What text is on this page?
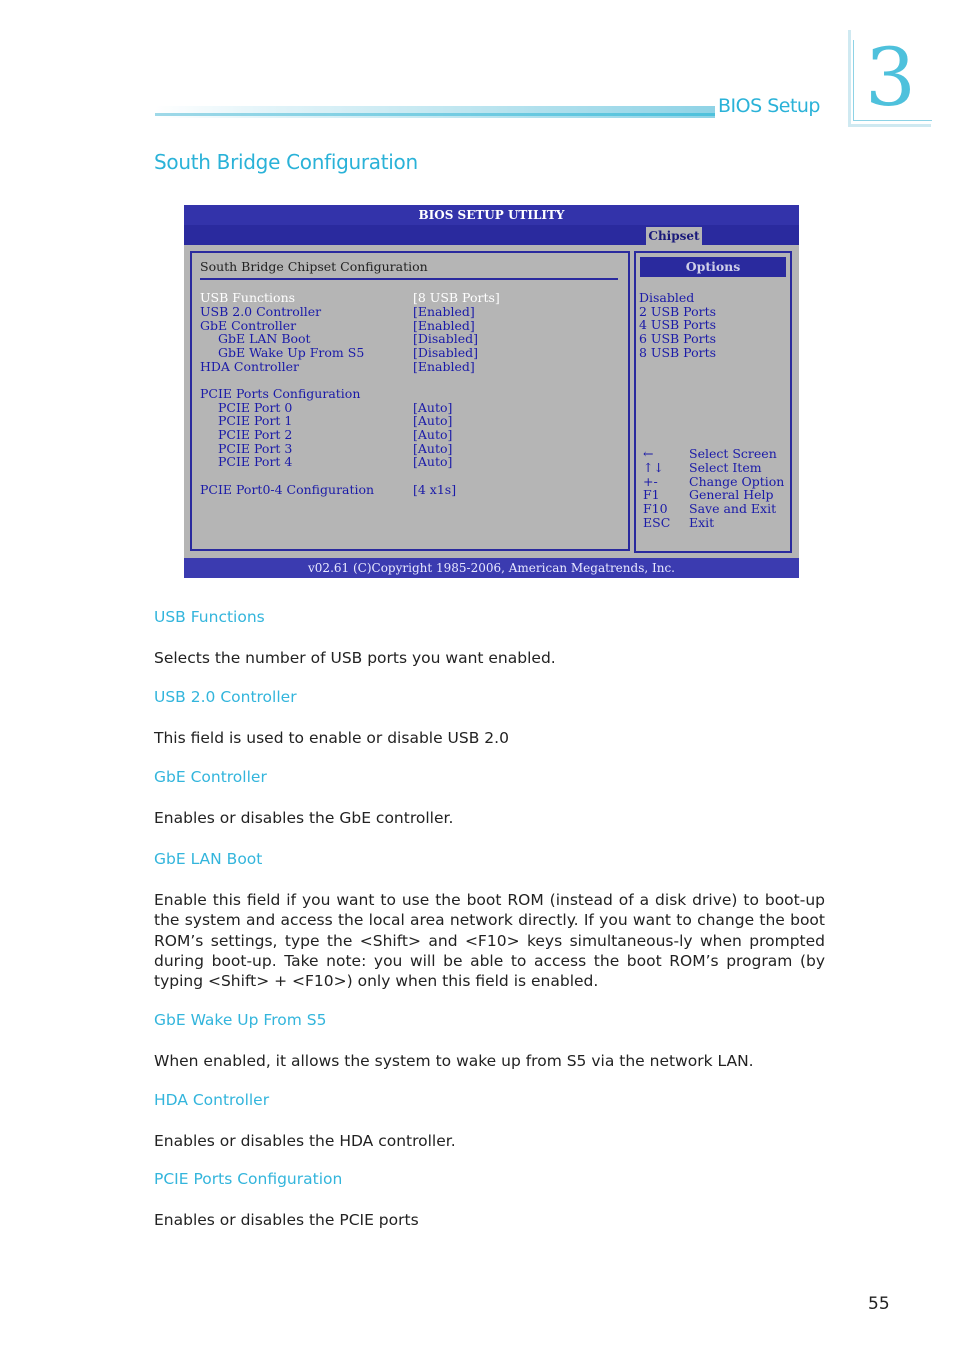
BIOS Setup 3
South Bridge Configuration
BIOS SETUP UTILITY
Chipset
South Bridge Chipset Configuration
USB Functions	[8 USB Ports]
USB 2.0 Controller	[Enabled]
GbE Controller	[Enabled]
GbE LAN Boot	[Disabled]
GbE Wake Up From S5	[Disabled]
HDA Controller	[Enabled]
PCIE Ports Configuration
PCIE Port 0	[Auto]
PCIE Port 1	[Auto]
PCIE Port 2	[Auto]
PCIE Port 3	[Auto]
PCIE Port 4	[Auto]
PCIE Port0-4 Configuration	[4 x1s]
Options
Disabled
2 USB Ports
4 USB Ports
6 USB Ports
8 USB Ports
←	Select Screen
↑↓ Select Item
+-	Change Option
F1 General Help
F10 Save and Exit
ESC Exit
v02.61 (C)Copyright 1985-2006, American Megatrends, Inc.
USB Functions
Selects the number of USB ports you want enabled.
USB 2.0 Controller
This field is used to enable or disable USB 2.0
GbE Controller
Enables or disables the GbE controller.
GbE LAN Boot
Enable this field if you want to use the boot ROM (instead of a disk drive) to boot-up the system and access the local area network directly. If you want to change the boot ROM’s settings, type the <Shift> and <F10> keys simultaneous-ly when prompted during boot-up. Take note: you will be able to access the boot ROM’s program (by typing <Shift> + <F10>) only when this field is enabled.
GbE Wake Up From S5
When enabled, it allows the system to wake up from S5 via the network LAN.
HDA Controller
Enables or disables the HDA controller.
PCIE Ports Configuration
Enables or disables the PCIE ports
55
